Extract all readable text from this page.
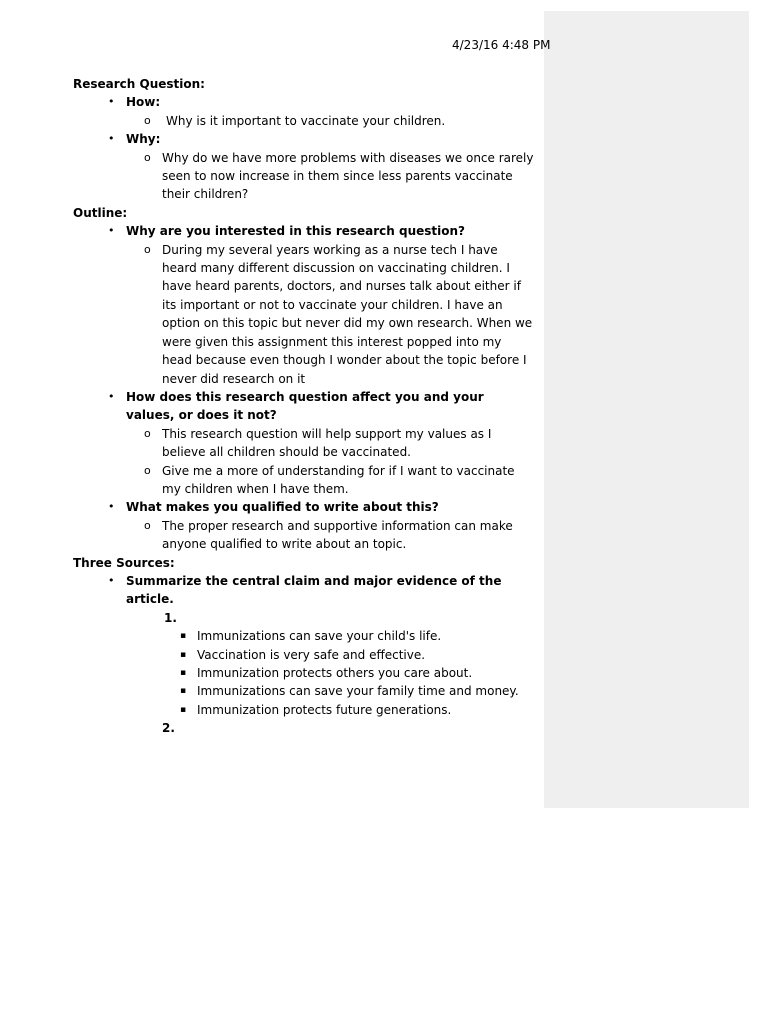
4/23/16 4:48 PM
Research Question:
• How:
o Why is it important to vaccinate your children.
• Why:
o Why do we have more problems with diseases we once rarely seen to now increase in them since less parents vaccinate their children?
Outline:
• Why are you interested in this research question?
o During my several years working as a nurse tech I have heard many different discussion on vaccinating children. I have heard parents, doctors, and nurses talk about either if its important or not to vaccinate your children. I have an option on this topic but never did my own research. When we were given this assignment this interest popped into my head because even though I wonder about the topic before I never did research on it
• How does this research question affect you and your values, or does it not?
o This research question will help support my values as I believe all children should be vaccinated.
o Give me a more of understanding for if I want to vaccinate my children when I have them.
• What makes you qualified to write about this?
o The proper research and supportive information can make anyone qualified to write about an topic.
Three Sources:
• Summarize the central claim and major evidence of the article.
1.
▪ Immunizations can save your child's life.
▪ Vaccination is very safe and effective.
▪ Immunization protects others you care about.
▪ Immunizations can save your family time and money.
▪ Immunization protects future generations.
2.
